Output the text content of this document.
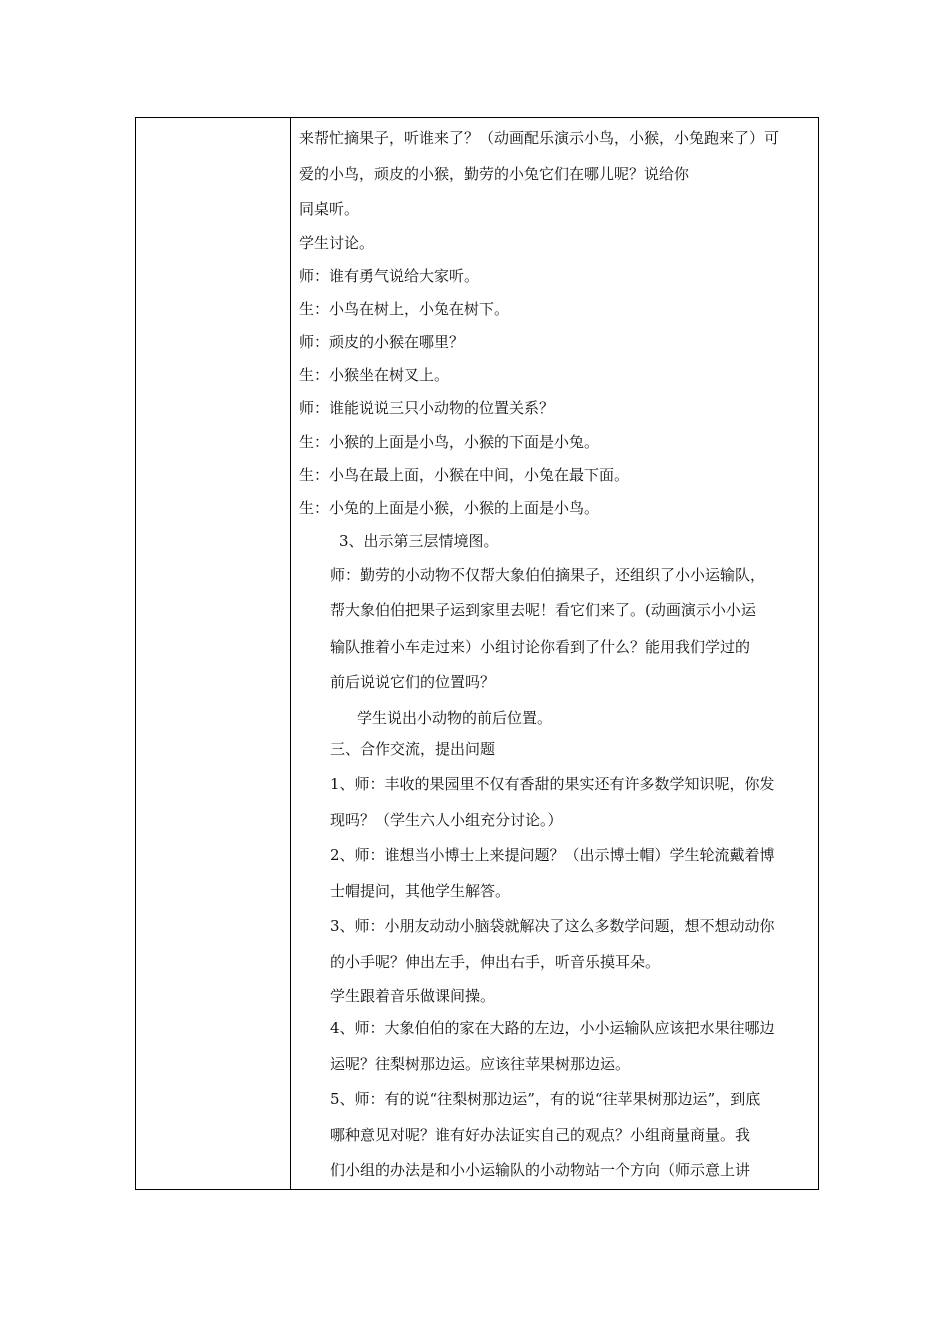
来帮忙摘果子，听谁来了？（动画配乐演示小鸟，小猴，小兔跑来了）可
爱的小鸟，顽皮的小猴，勤劳的小兔它们在哪儿呢？说给你
同桌听。
学生讨论。
师：谁有勇气说给大家听。
生：小鸟在树上，小兔在树下。
师：顽皮的小猴在哪里？
生：小猴坐在树叉上。
师：谁能说说三只小动物的位置关系？
生：小猴的上面是小鸟，小猴的下面是小兔。
生：小鸟在最上面，小猴在中间，小兔在最下面。
生：小兔的上面是小猴，小猴的上面是小鸟。
3、出示第三层情境图。
师：勤劳的小动物不仅帮大象伯伯摘果子，还组织了小小运输队，
帮大象伯伯把果子运到家里去呢！看它们来了。(动画演示小小运
输队推着小车走过来）小组讨论你看到了什么？能用我们学过的
前后说说它们的位置吗？
学生说出小动物的前后位置。
三、合作交流，提出问题
1、师：丰收的果园里不仅有香甜的果实还有许多数学知识呢，你发
现吗？（学生六人小组充分讨论。）
2、师：谁想当小博士上来提问题？（出示博士帽）学生轮流戴着博
士帽提问，其他学生解答。
3、师：小朋友动动小脑袋就解决了这么多数学问题，想不想动动你
的小手呢？伸出左手，伸出右手，听音乐摸耳朵。
学生跟着音乐做课间操。
4、师：大象伯伯的家在大路的左边，小小运输队应该把水果往哪边
运呢？往梨树那边运。应该往苹果树那边运。
5、师：有的说“往梨树那边运”，有的说“往苹果树那边运”，到底
哪种意见对呢？谁有好办法证实自己的观点？小组商量商量。我
们小组的办法是和小小运输队的小动物站一个方向（师示意上讲
